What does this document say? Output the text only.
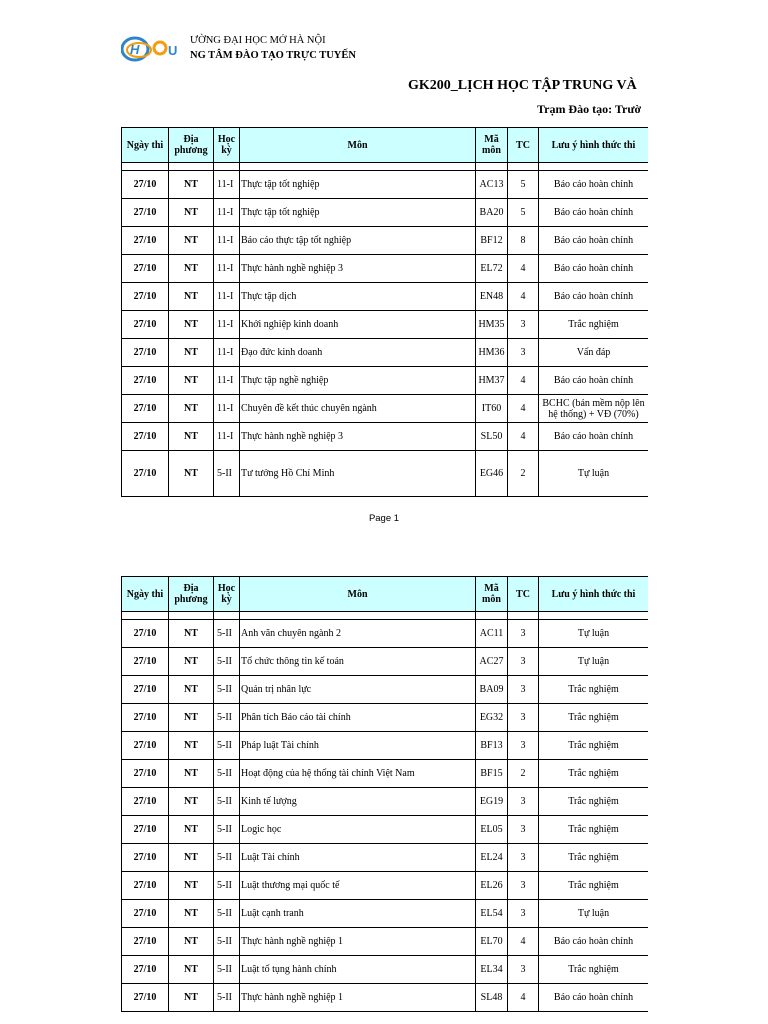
H U
ƯỜNG ĐẠI HỌC MỞ HÀ NỘI
NG TÂM ĐÀO TẠO TRỰC TUYẾN
GK200_LỊCH HỌC TẬP TRUNG VÀ
Trạm Đào tạo: Trườ
Ngày thi	Địa phương	Học kỳ	Môn	Mã môn	TC	Lưu ý hình thức thi

27/10	NT	11-I	Thực tập tốt nghiệp	AC13	5	Báo cáo hoàn chỉnh
27/10	NT	11-I	Thực tập tốt nghiệp	BA20	5	Báo cáo hoàn chỉnh
27/10	NT	11-I	Báo cáo thực tập tốt nghiệp	BF12	8	Báo cáo hoàn chỉnh
27/10	NT	11-I	Thực hành nghề nghiệp 3	EL72	4	Báo cáo hoàn chỉnh
27/10	NT	11-I	Thực tập dịch	EN48	4	Báo cáo hoàn chỉnh
27/10	NT	11-I	Khởi nghiệp kinh doanh	HM35	3	Trắc nghiệm
27/10	NT	11-I	Đạo đức kinh doanh	HM36	3	Vấn đáp
27/10	NT	11-I	Thực tập nghề nghiệp	HM37	4	Báo cáo hoàn chỉnh
27/10	NT	11-I	Chuyên đề kết thúc chuyên ngành	IT60	4	BCHC (bản mềm nộp lên hệ thống) + VĐ (70%)
27/10	NT	11-I	Thực hành nghề nghiệp 3	SL50	4	Báo cáo hoàn chỉnh
27/10	NT	5-II	Tư tưởng Hồ Chí Minh	EG46	2	Tự luận
Page 1
Ngày thi	Địa phương	Học kỳ	Môn	Mã môn	TC	Lưu ý hình thức thi

27/10	NT	5-II	Anh văn chuyên ngành 2	AC11	3	Tự luận
27/10	NT	5-II	Tổ chức thông tin kế toán	AC27	3	Tự luận
27/10	NT	5-II	Quản trị nhân lực	BA09	3	Trắc nghiệm
27/10	NT	5-II	Phân tích Báo cáo tài chính	EG32	3	Trắc nghiệm
27/10	NT	5-II	Pháp luật Tài chính	BF13	3	Trắc nghiệm
27/10	NT	5-II	Hoạt động của hệ thống tài chính Việt Nam	BF15	2	Trắc nghiệm
27/10	NT	5-II	Kinh tế lượng	EG19	3	Trắc nghiệm
27/10	NT	5-II	Logic học	EL05	3	Trắc nghiệm
27/10	NT	5-II	Luật Tài chính	EL24	3	Trắc nghiệm
27/10	NT	5-II	Luật thương mại quốc tế	EL26	3	Trắc nghiệm
27/10	NT	5-II	Luật cạnh tranh	EL54	3	Tự luận
27/10	NT	5-II	Thực hành nghề nghiệp 1	EL70	4	Báo cáo hoàn chỉnh
27/10	NT	5-II	Luật tố tụng hành chính	EL34	3	Trắc nghiệm
27/10	NT	5-II	Thực hành nghề nghiệp 1	SL48	4	Báo cáo hoàn chỉnh
